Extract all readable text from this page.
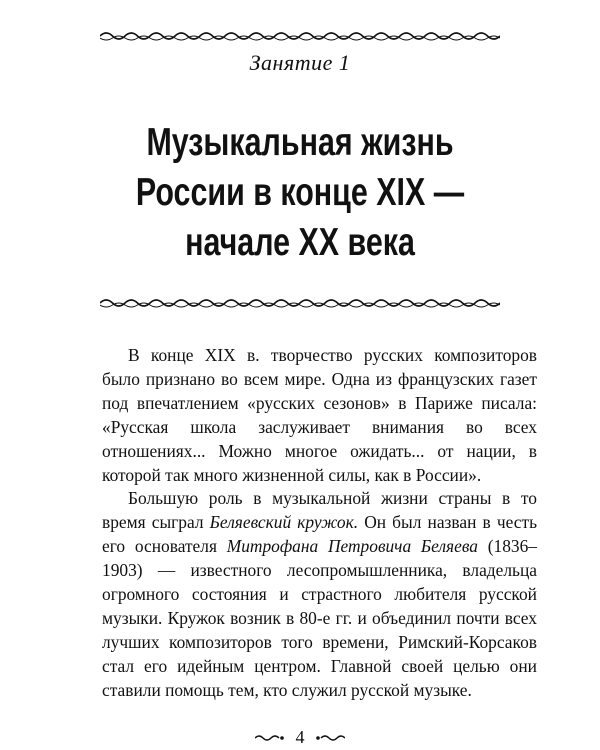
Занятие 1
Музыкальная жизнь
России в конце XIX —
начале XX века

В конце XIX в. творчество русских композиторов было признано во всем мире. Одна из французских газет под впечатлением «русских сезонов» в Париже писала: «Русская школа заслуживает внимания во всех отношениях... Можно многое ожидать... от нации, в которой так много жизненной силы, как в России».

Большую роль в музыкальной жизни страны в то время сыграл Беляевский кружок. Он был назван в честь его основателя Митрофана Петровича Беляева (1836–1903) — известного лесопромышленника, владельца огромного состояния и страстного любителя русской музыки. Кружок возник в 80-е гг. и объединил почти всех лучших композиторов того времени, Римский-Корсаков стал его идейным центром. Главной своей целью они ставили помощь тем, кто служил русской музыке.

4
